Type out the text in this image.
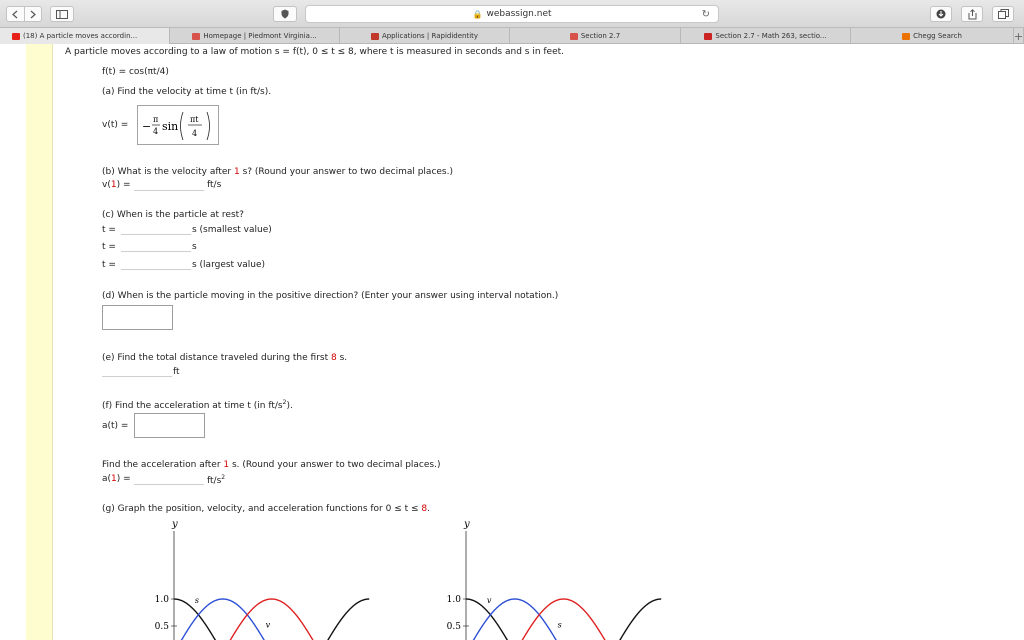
🔒 webassign.net	↻
(18) A particle moves accordin...	Homepage | Piedmont Virginia...	Applications | Rapididentity	Section 2.7	Section 2.7 - Math 263, sectio...	Chegg Search	+
A particle moves according to a law of motion s = f(t), 0 ≤ t ≤ 8, where t is measured in seconds and s in feet.
f(t) = cos(πt/4)
(a) Find the velocity at time t (in ft/s).
v(t) = −
π
4 sin
πt
4
(b) What is the velocity after 1 s? (Round your answer to two decimal places.)
v(1) =	ft/s
(c) When is the particle at rest?
t =	s (smallest value)
t =	s
t =	s (largest value)
(d) When is the particle moving in the positive direction? (Enter your answer using interval notation.)
(e) Find the total distance traveled during the first 8 s.
ft
(f) Find the acceleration at time t (in $ft/s^2$).
a(t) =
Find the acceleration after 1 s. (Round your answer to two decimal places.)
a(1) =	$ft/s^2$
(g) Graph the position, velocity, and acceleration functions for 0 ≤ t ≤ 8.
y
1.0
0.5
s
v
y
1.0
0.5
v
s
